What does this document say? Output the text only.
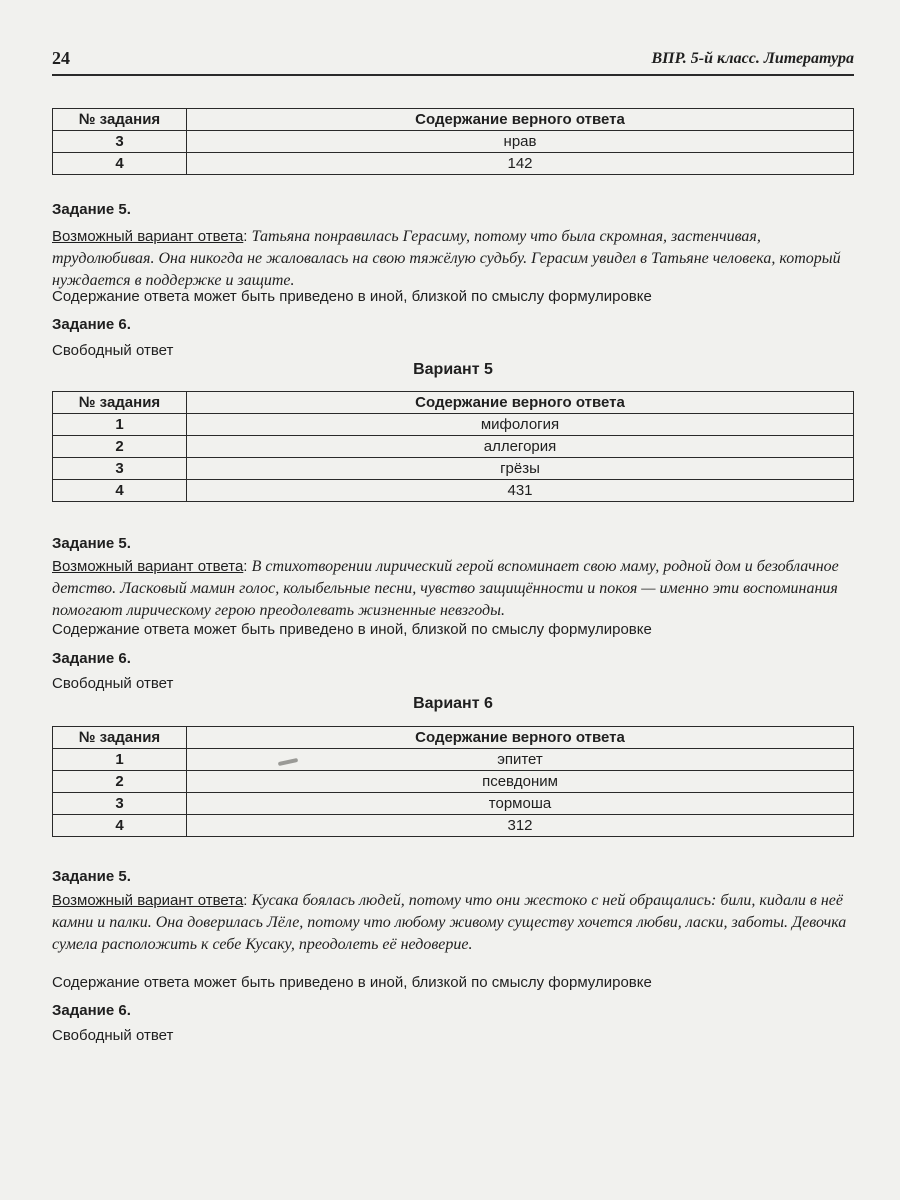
24	ВПР. 5-й класс. Литература
№ задания	Содержание верного ответа
3	нрав
4	142
Задание 5.
Возможный вариант ответа: Татьяна понравилась Герасиму, потому что была скромная, застенчивая, трудолюбивая. Она никогда не жаловалась на свою тяжёлую судьбу. Герасим увидел в Татьяне человека, который нуждается в поддержке и защите.
Содержание ответа может быть приведено в иной, близкой по смыслу формулировке
Задание 6.
Свободный ответ
Вариант 5
№ задания	Содержание верного ответа
1	мифология
2	аллегория
3	грёзы
4	431
Задание 5.
Возможный вариант ответа: В стихотворении лирический герой вспоминает свою маму, родной дом и безоблачное детство. Ласковый мамин голос, колыбельные песни, чувство защищённости и покоя — именно эти воспоминания помогают лирическому герою преодолевать жизненные невзгоды.
Содержание ответа может быть приведено в иной, близкой по смыслу формулировке
Задание 6.
Свободный ответ
Вариант 6
№ задания	Содержание верного ответа
1	эпитет
2	псевдоним
3	тормоша
4	312
Задание 5.
Возможный вариант ответа: Кусака боялась людей, потому что они жестоко с ней обращались: били, кидали в неё камни и палки. Она доверилась Лёле, потому что любому живому существу хочется любви, ласки, заботы. Девочка сумела расположить к себе Кусаку, преодолеть её недоверие.
Содержание ответа может быть приведено в иной, близкой по смыслу формулировке
Задание 6.
Свободный ответ
